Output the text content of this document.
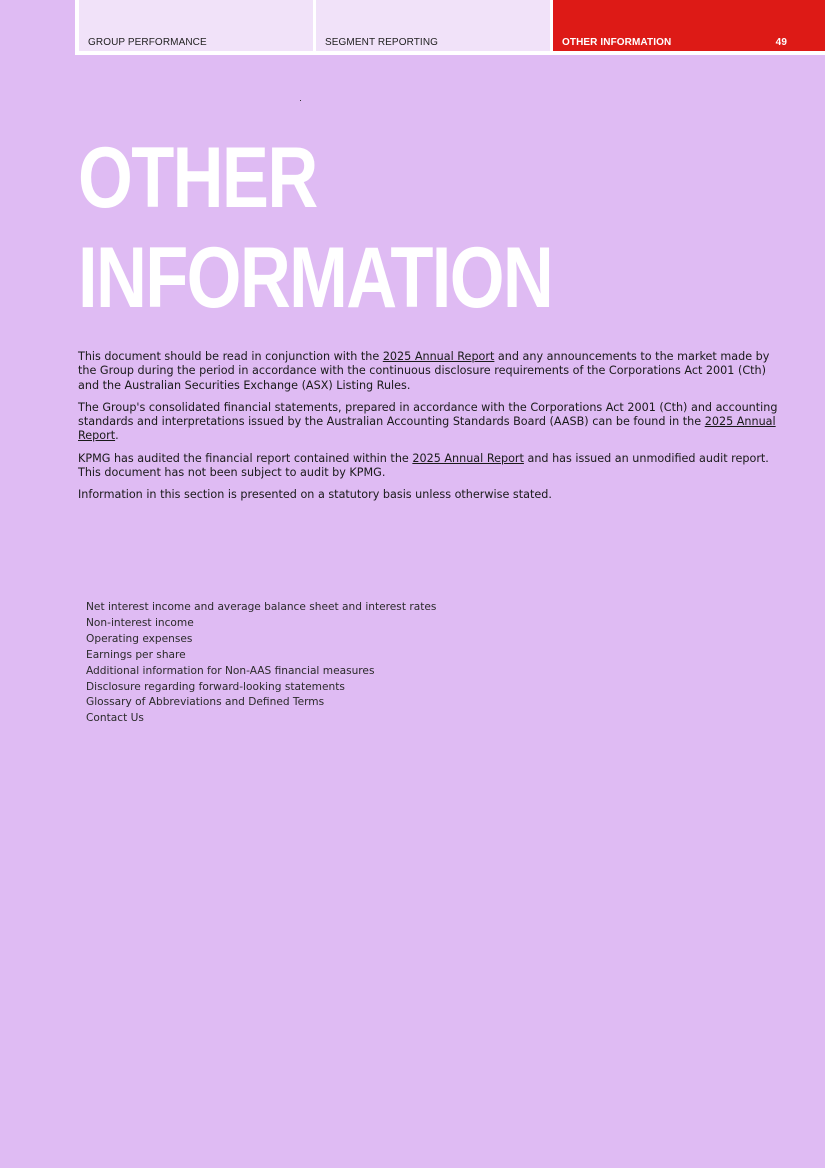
GROUP PERFORMANCE	SEGMENT REPORTING	OTHER INFORMATION	49
OTHER
INFORMATION

This document should be read in conjunction with the 2025 Annual Report and any announcements to the market made by the Group during the period in accordance with the continuous disclosure requirements of the Corporations Act 2001 (Cth) and the Australian Securities Exchange (ASX) Listing Rules.

The Group's consolidated financial statements, prepared in accordance with the Corporations Act 2001 (Cth) and accounting standards and interpretations issued by the Australian Accounting Standards Board (AASB) can be found in the 2025 Annual Report.

KPMG has audited the financial report contained within the 2025 Annual Report and has issued an unmodified audit report. This document has not been subject to audit by KPMG.

Information in this section is presented on a statutory basis unless otherwise stated.

Net interest income and average balance sheet and interest rates
Non-interest income
Operating expenses
Earnings per share
Additional information for Non-AAS financial measures
Disclosure regarding forward-looking statements
Glossary of Abbreviations and Defined Terms
Contact Us
